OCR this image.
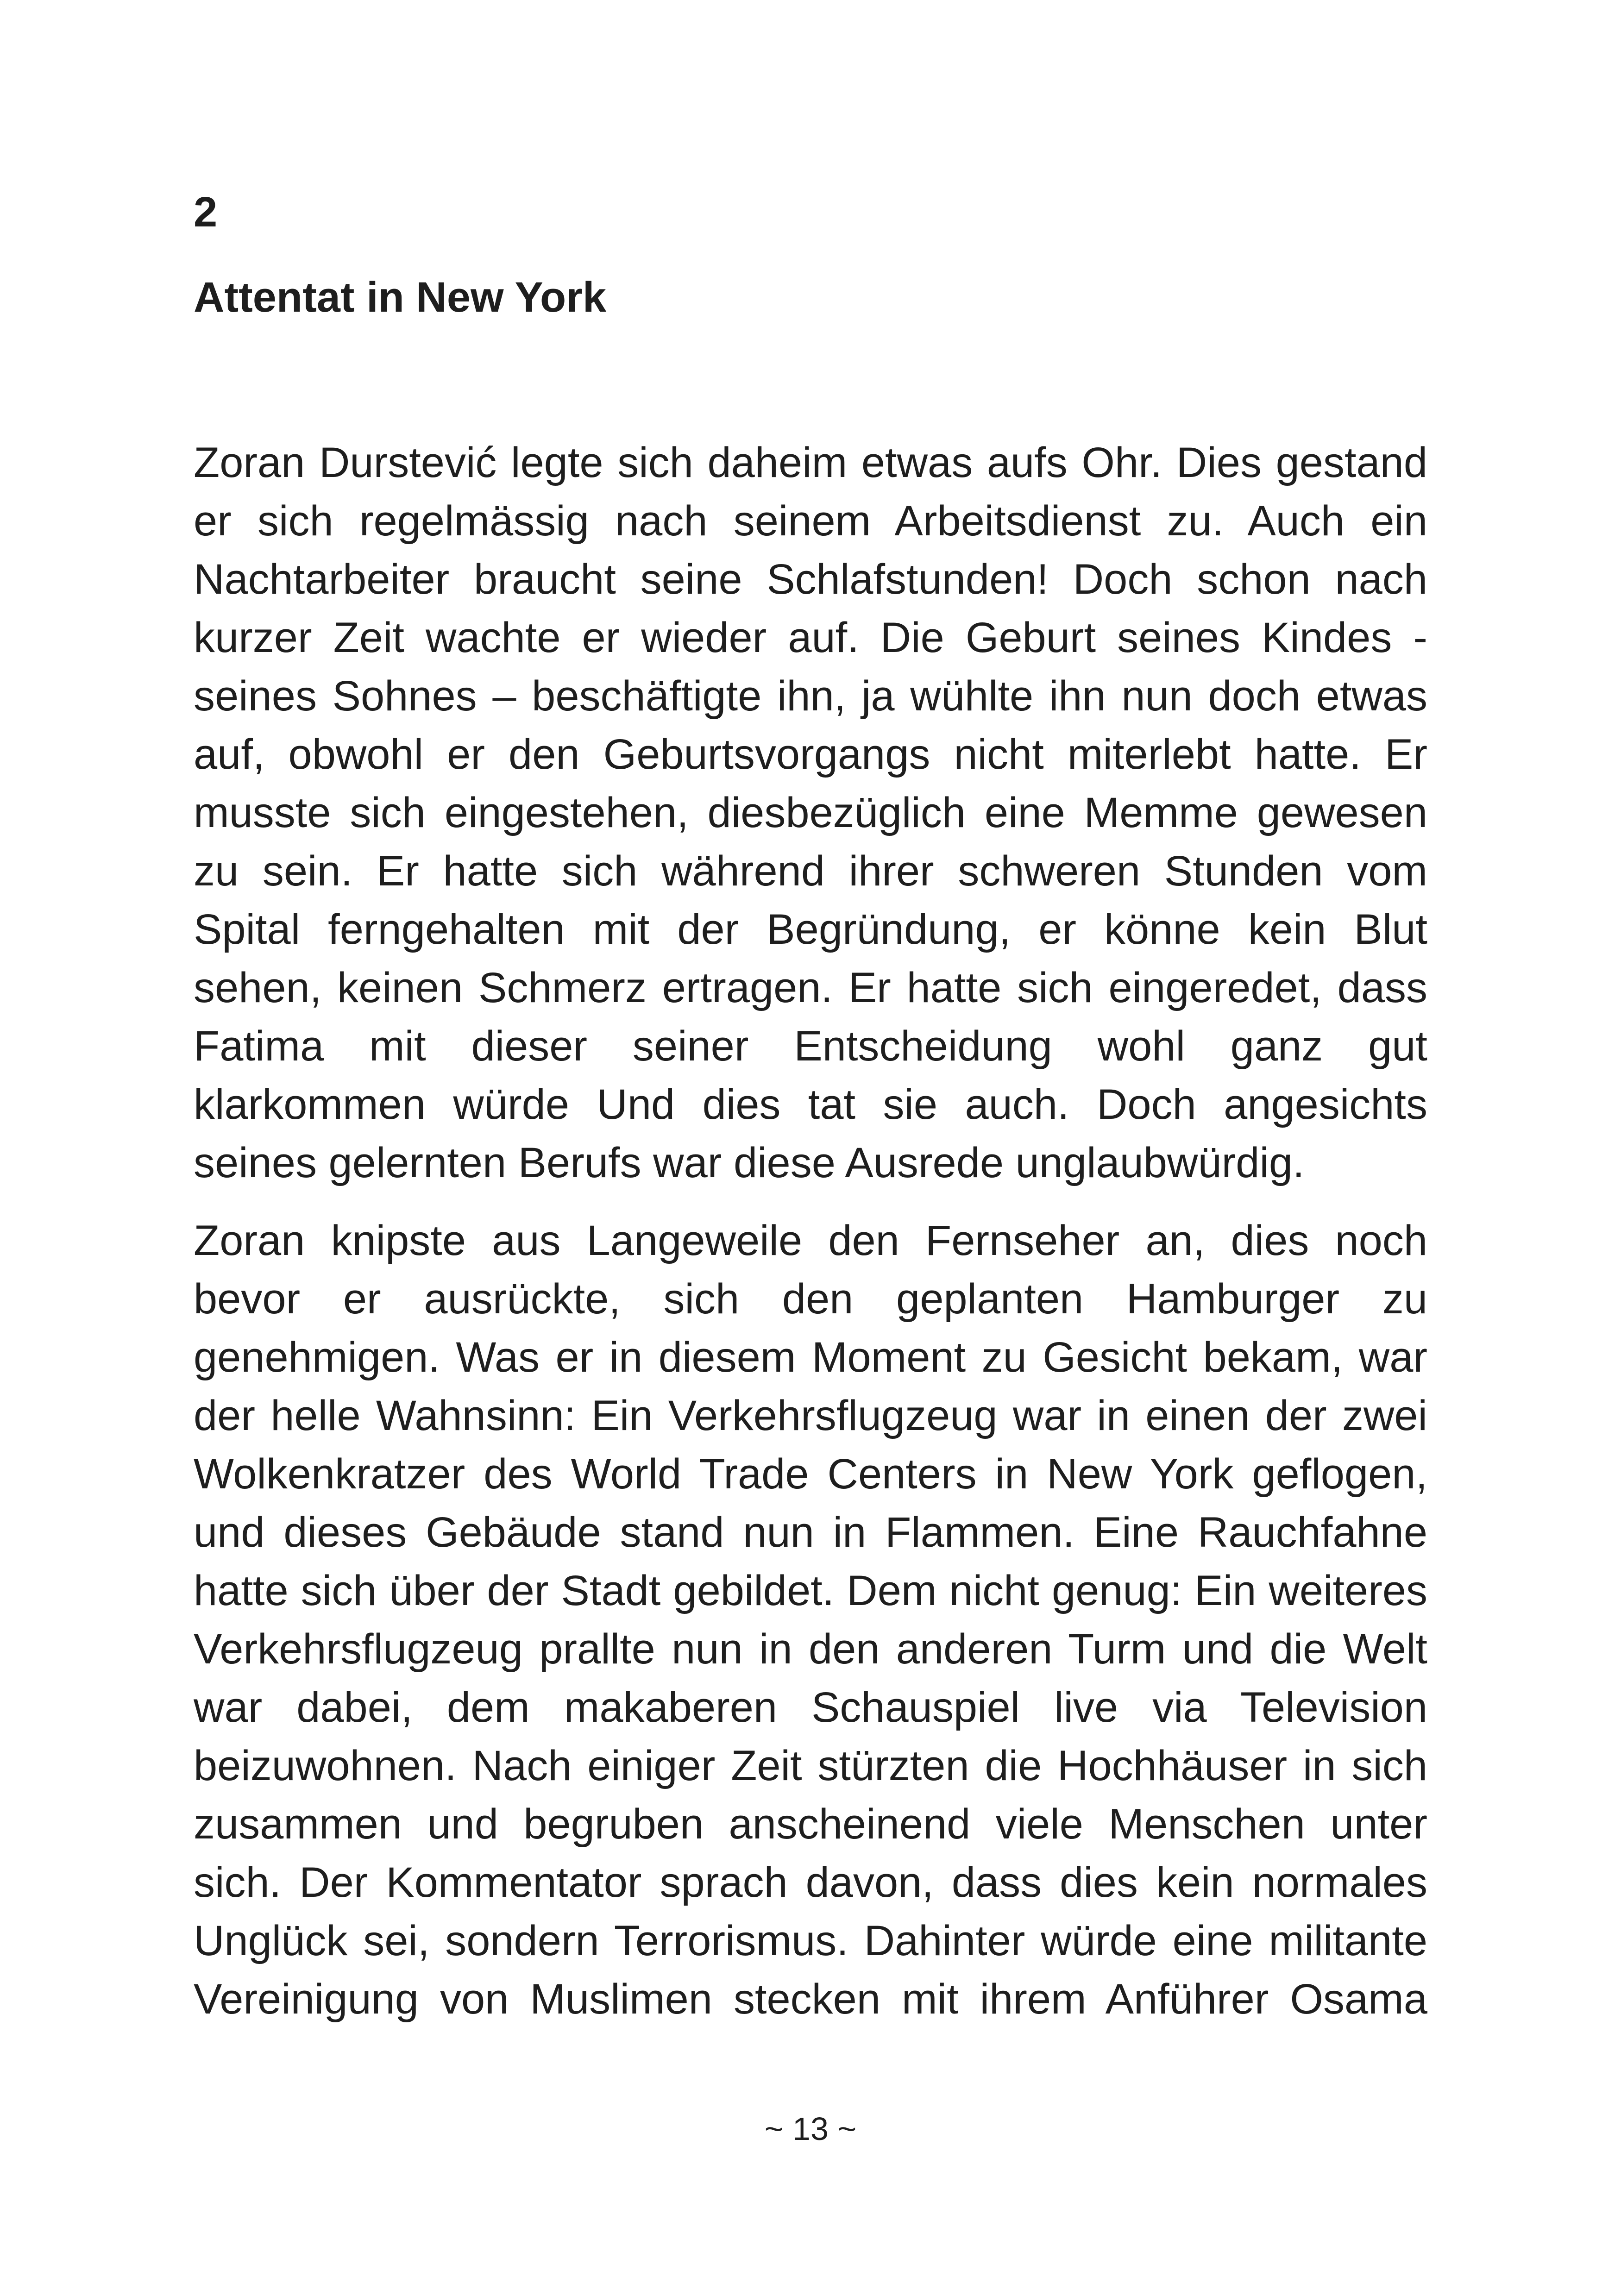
2
Attentat in New York
Zoran Durstević legte sich daheim etwas aufs Ohr. Dies gestand
er sich regelmässig nach seinem Arbeitsdienst zu. Auch ein
Nachtarbeiter braucht seine Schlafstunden! Doch schon nach
kurzer Zeit wachte er wieder auf. Die Geburt seines Kindes -
seines Sohnes – beschäftigte ihn, ja wühlte ihn nun doch etwas
auf, obwohl er den Geburtsvorgangs nicht miterlebt hatte. Er
musste sich eingestehen, diesbezüglich eine Memme gewesen
zu sein. Er hatte sich während ihrer schweren Stunden vom
Spital ferngehalten mit der Begründung, er könne kein Blut
sehen, keinen Schmerz ertragen. Er hatte sich eingeredet, dass
Fatima mit dieser seiner Entscheidung wohl ganz gut
klarkommen würde Und dies tat sie auch. Doch angesichts
seines gelernten Berufs war diese Ausrede unglaubwürdig.
Zoran knipste aus Langeweile den Fernseher an, dies noch
bevor er ausrückte, sich den geplanten Hamburger zu
genehmigen. Was er in diesem Moment zu Gesicht bekam, war
der helle Wahnsinn: Ein Verkehrsflugzeug war in einen der zwei
Wolkenkratzer des World Trade Centers in New York geflogen,
und dieses Gebäude stand nun in Flammen. Eine Rauchfahne
hatte sich über der Stadt gebildet. Dem nicht genug: Ein weiteres
Verkehrsflugzeug prallte nun in den anderen Turm und die Welt
war dabei, dem makaberen Schauspiel live via Television
beizuwohnen. Nach einiger Zeit stürzten die Hochhäuser in sich
zusammen und begruben anscheinend viele Menschen unter
sich. Der Kommentator sprach davon, dass dies kein normales
Unglück sei, sondern Terrorismus. Dahinter würde eine militante
Vereinigung von Muslimen stecken mit ihrem Anführer Osama
~ 13 ~
